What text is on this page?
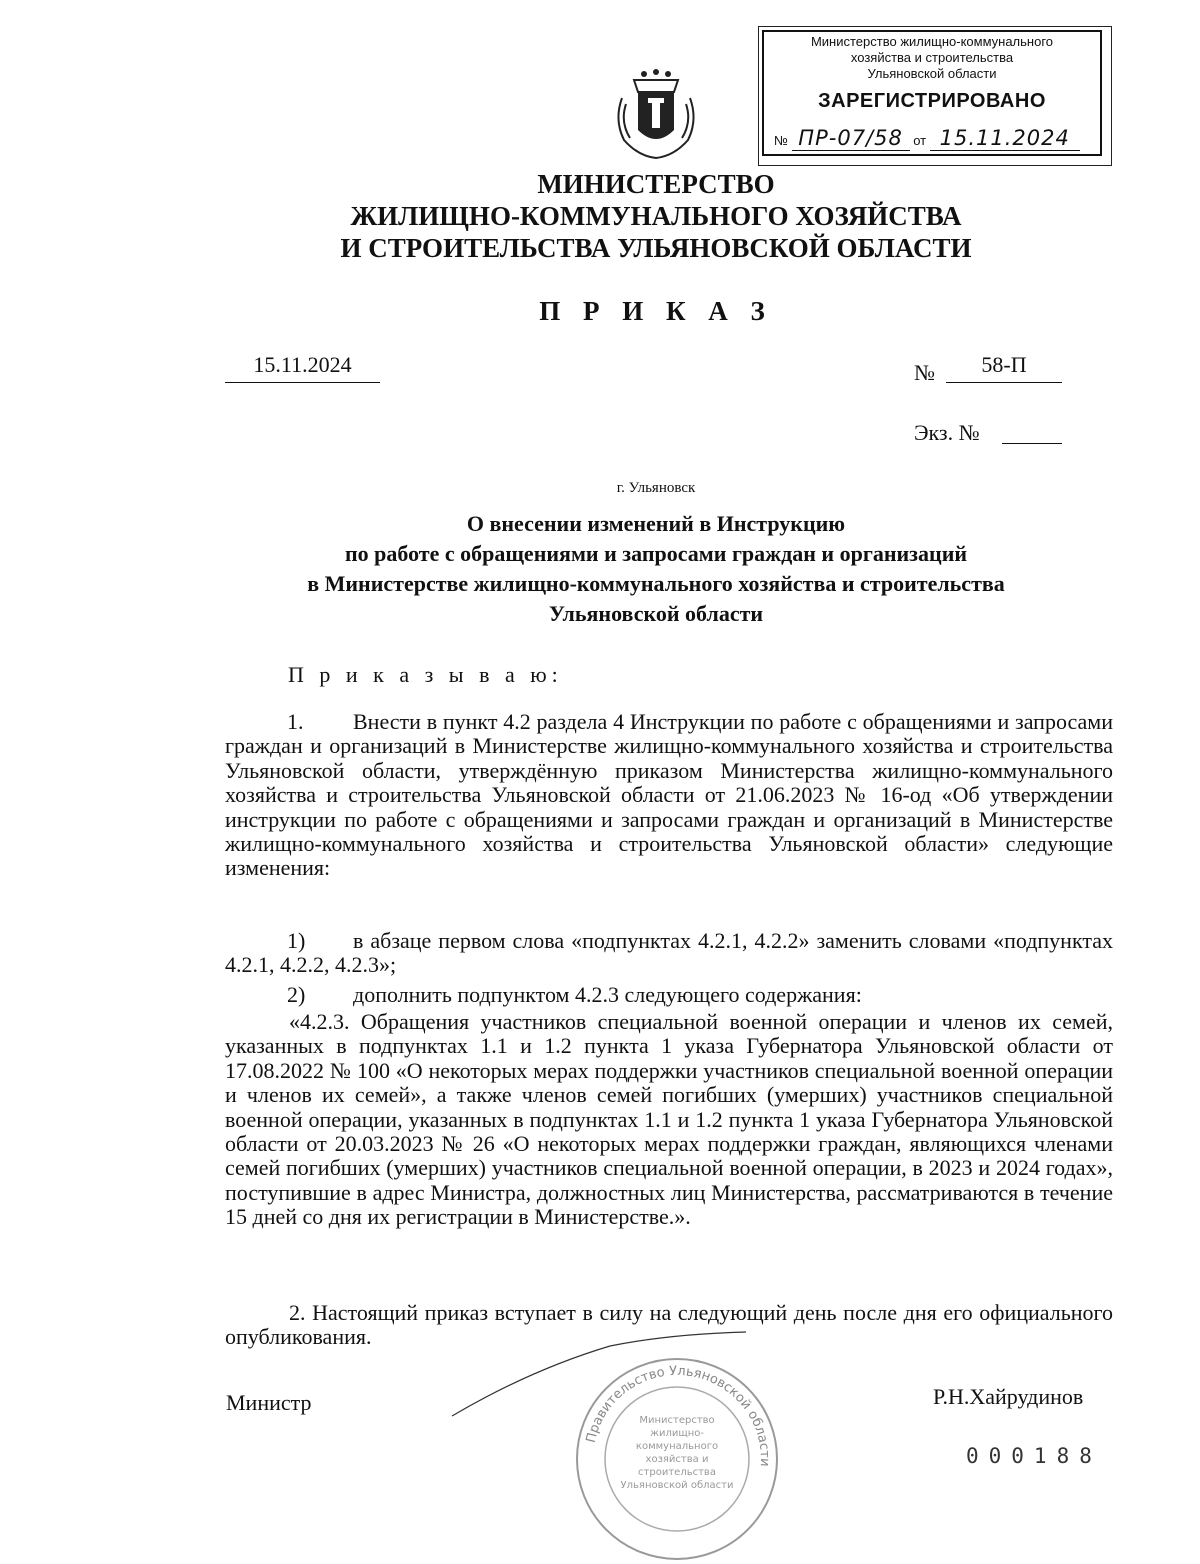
Министерство жилищно-коммунального
хозяйства и строительства
Ульяновской области
ЗАРЕГИСТРИРОВАНО
№ ПР-07/58 от 15.11.2024
МИНИСТЕРСТВО
ЖИЛИЩНО-КОММУНАЛЬНОГО ХОЗЯЙСТВА
И СТРОИТЕЛЬСТВА УЛЬЯНОВСКОЙ ОБЛАСТИ
П Р И К А З
15.11.2024	№	58-П
Экз. №
г. Ульяновск
О внесении изменений в Инструкцию
по работе с обращениями и запросами граждан и организаций
в Министерстве жилищно-коммунального хозяйства и строительства
Ульяновской области
П р и к а з ы в а ю:
1. Внести в пункт 4.2 раздела 4 Инструкции по работе с обращениями и запросами граждан и организаций в Министерстве жилищно-коммунального хозяйства и строительства Ульяновской области, утверждённую приказом Министерства жилищно-коммунального хозяйства и строительства Ульяновской области от 21.06.2023 № 16-од «Об утверждении инструкции по работе с обращениями и запросами граждан и организаций в Министерстве жилищно-коммунального хозяйства и строительства Ульяновской области» следующие изменения:
1) в абзаце первом слова «подпунктах 4.2.1, 4.2.2» заменить словами «подпунктах 4.2.1, 4.2.2, 4.2.3»;
2) дополнить подпунктом 4.2.3 следующего содержания:
«4.2.3. Обращения участников специальной военной операции и членов их семей, указанных в подпунктах 1.1 и 1.2 пункта 1 указа Губернатора Ульяновской области от 17.08.2022 № 100 «О некоторых мерах поддержки участников специальной военной операции и членов их семей», а также членов семей погибших (умерших) участников специальной военной операции, указанных в подпунктах 1.1 и 1.2 пункта 1 указа Губернатора Ульяновской области от 20.03.2023 № 26 «О некоторых мерах поддержки граждан, являющихся членами семей погибших (умерших) участников специальной военной операции, в 2023 и 2024 годах», поступившие в адрес Министра, должностных лиц Министерства, рассматриваются в течение 15 дней со дня их регистрации в Министерстве.».
2. Настоящий приказ вступает в силу на следующий день после дня его официального опубликования.
Правительство Ульяновской области
Министерство жилищно-коммунального хозяйства и строительства Ульяновской области
Министр	Р.Н.Хайрудинов
000188
